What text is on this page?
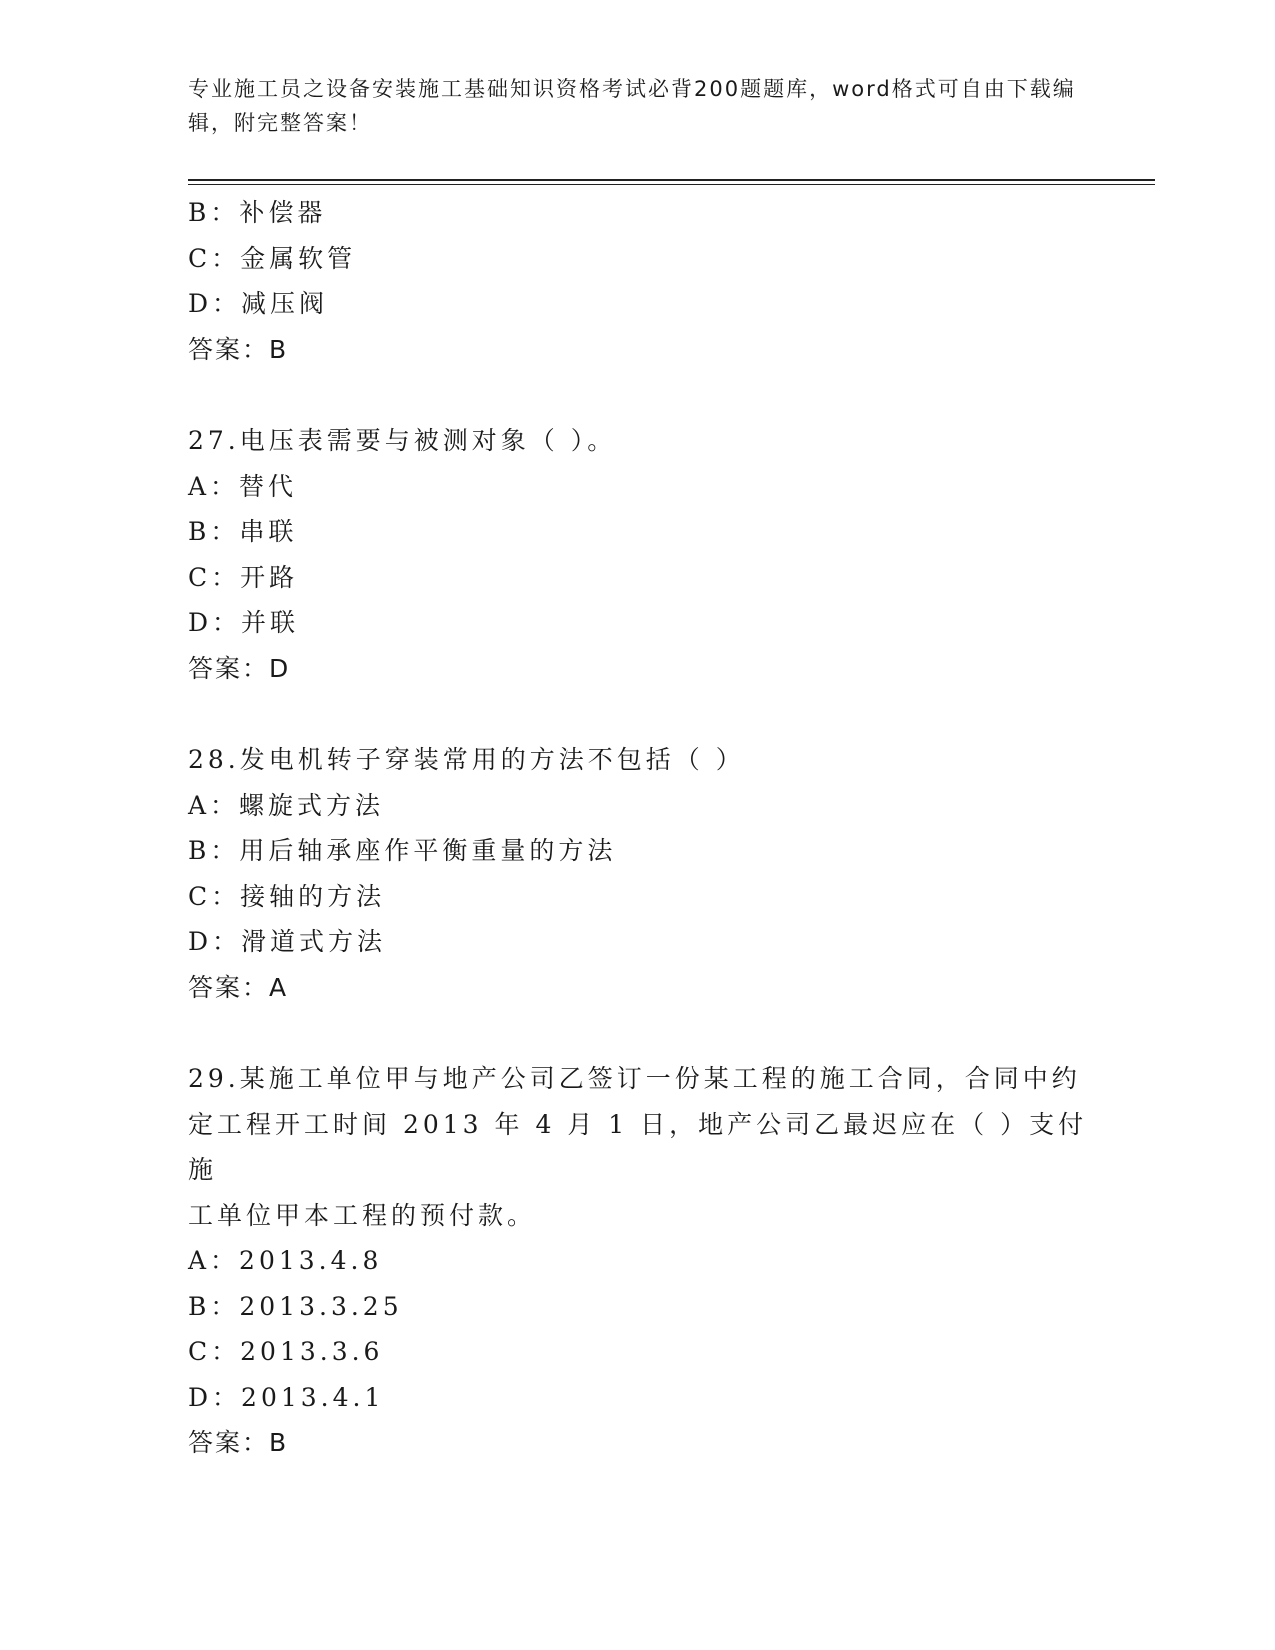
专业施工员之设备安装施工基础知识资格考试必背200题题库，word格式可自由下载编辑，附完整答案！
B：补偿器
C：金属软管
D：减压阀
答案：B
27.电压表需要与被测对象（ ）。
A：替代
B：串联
C：开路
D：并联
答案：D
28.发电机转子穿装常用的方法不包括（ ）
A：螺旋式方法
B：用后轴承座作平衡重量的方法
C：接轴的方法
D：滑道式方法
答案：A
29.某施工单位甲与地产公司乙签订一份某工程的施工合同，合同中约
定工程开工时间 2013 年 4 月 1 日，地产公司乙最迟应在（ ）支付施
工单位甲本工程的预付款。
A：2013.4.8
B：2013.3.25
C：2013.3.6
D：2013.4.1
答案：B
